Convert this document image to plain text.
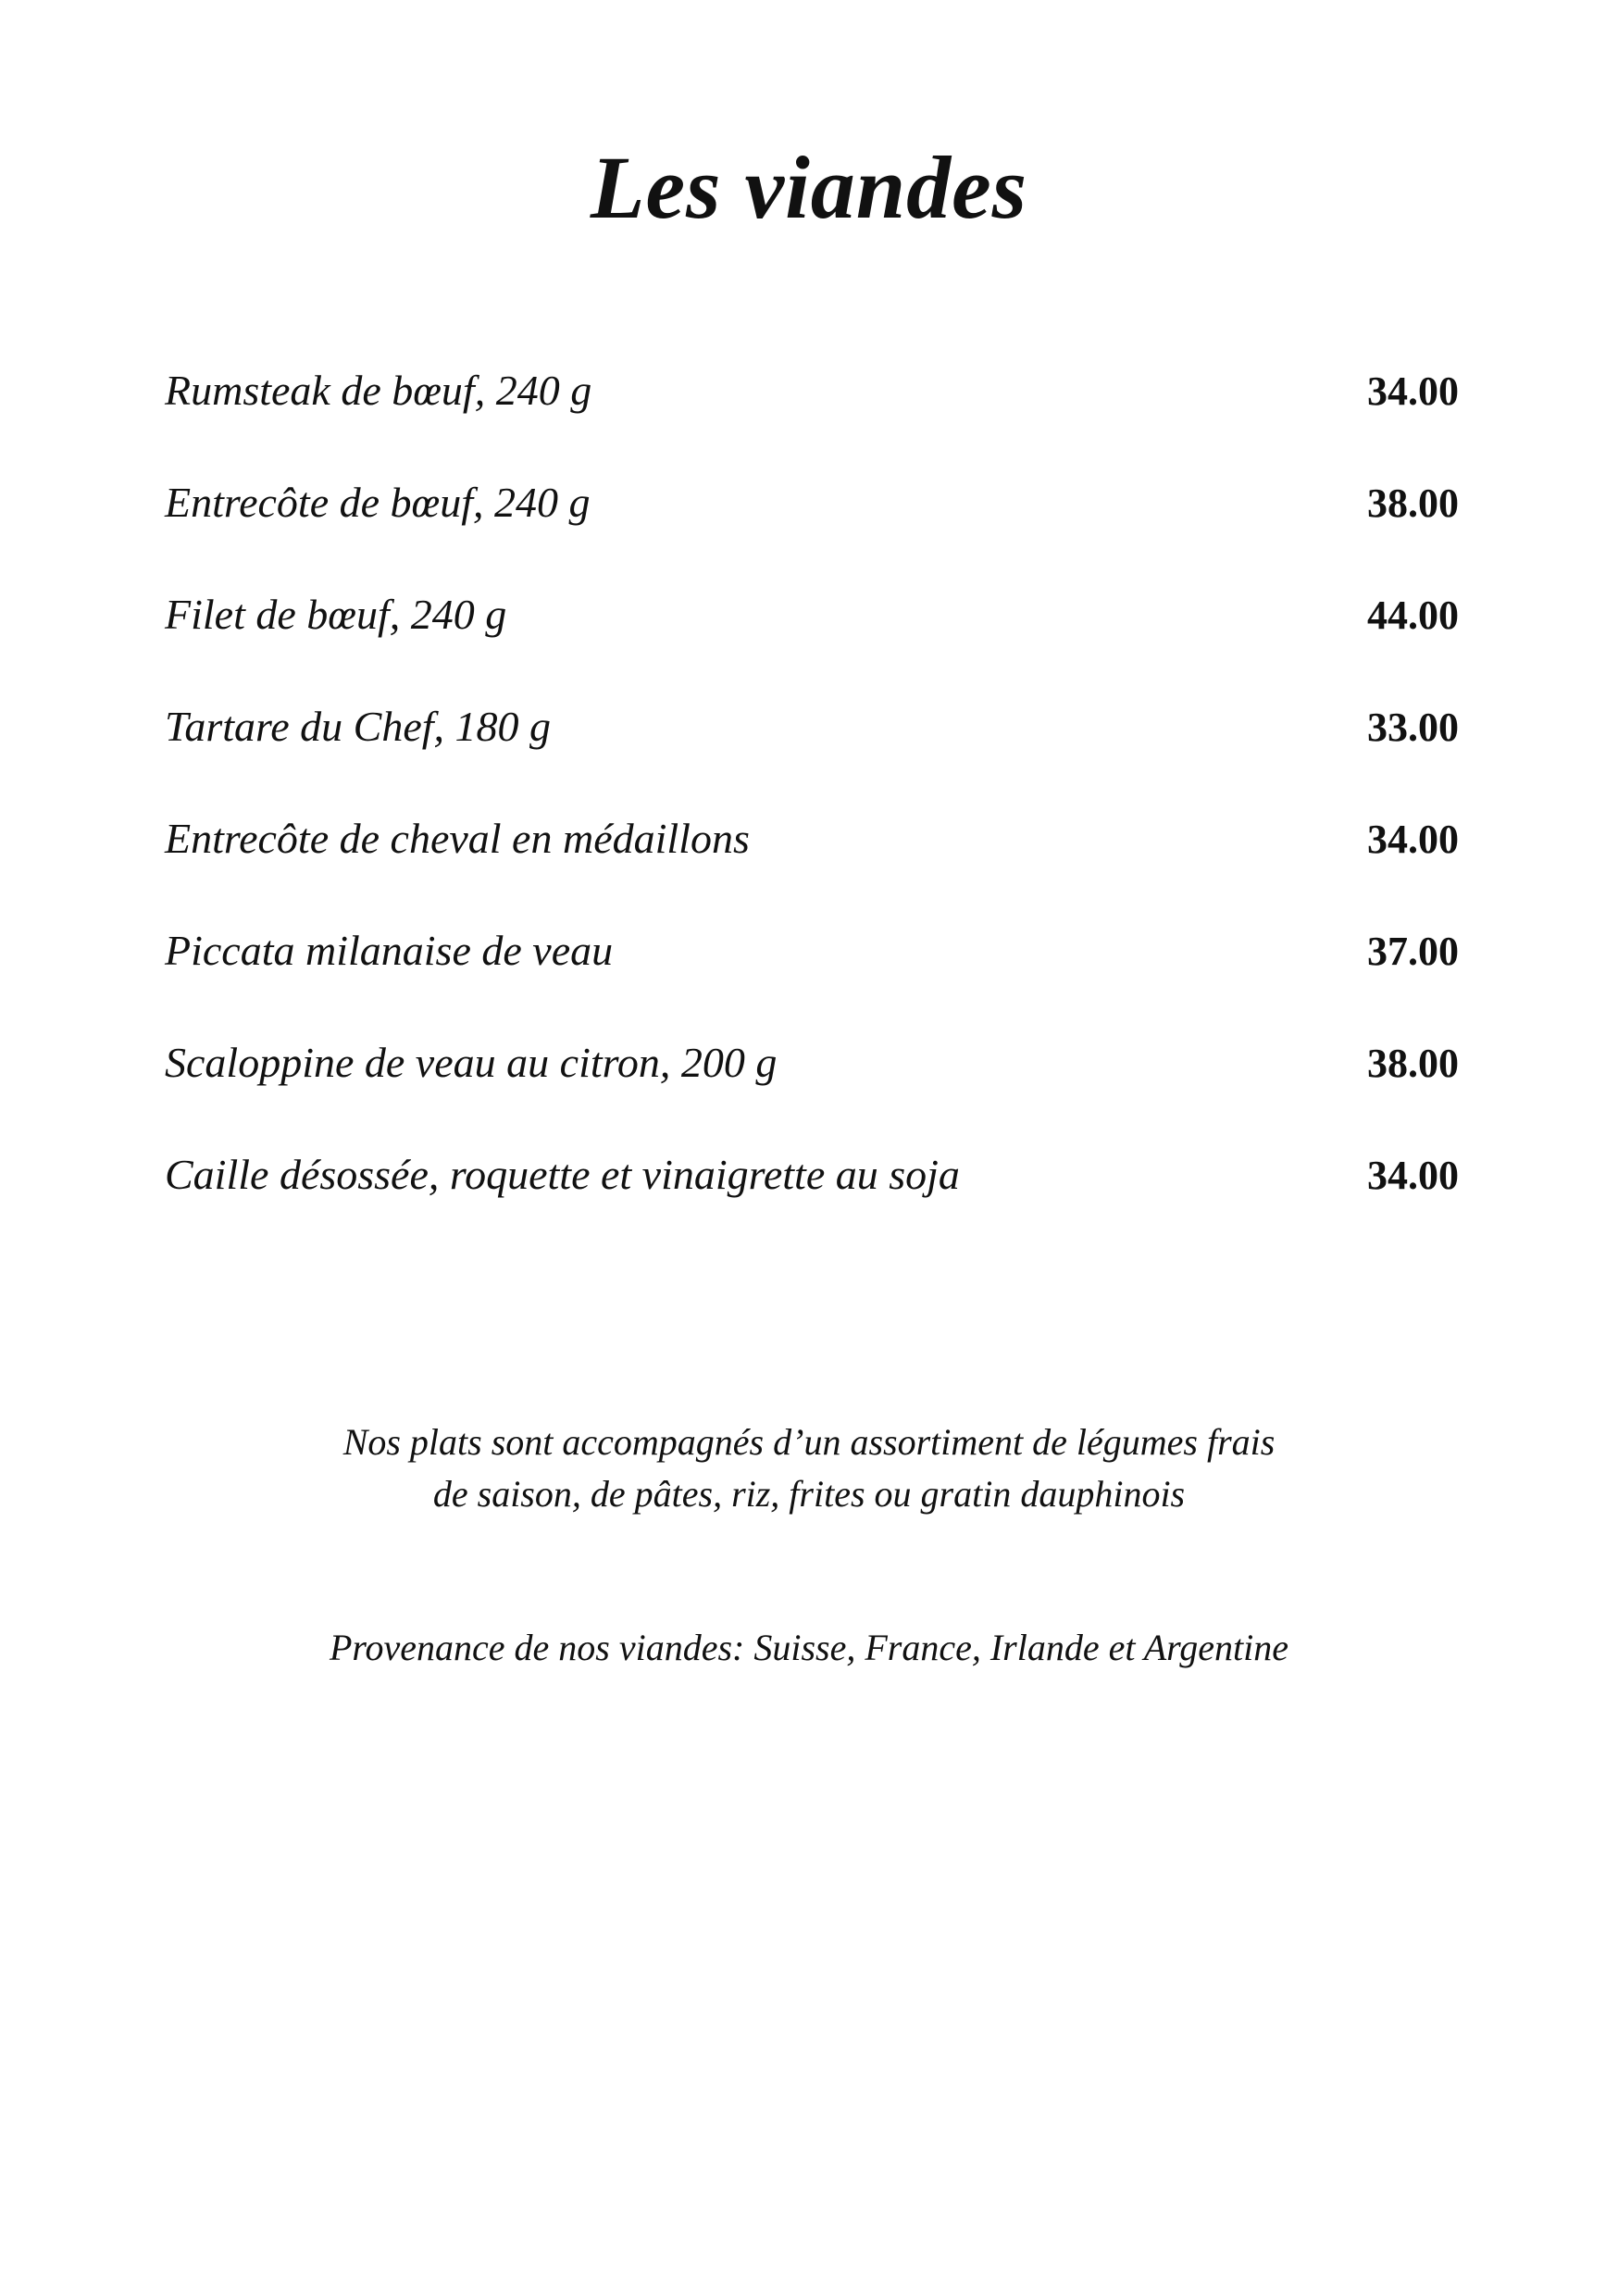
Les viandes
Rumsteak de bœuf, 240 g	34.00
Entrecôte de bœuf, 240 g	38.00
Filet de bœuf, 240 g	44.00
Tartare du Chef, 180 g	33.00
Entrecôte de cheval en médaillons	34.00
Piccata milanaise de veau	37.00
Scaloppine de veau au citron, 200 g	38.00
Caille désossée, roquette et vinaigrette au soja	34.00
Nos plats sont accompagnés d’un assortiment de légumes frais
de saison, de pâtes, riz, frites ou gratin dauphinois
Provenance de nos viandes: Suisse, France, Irlande et Argentine
